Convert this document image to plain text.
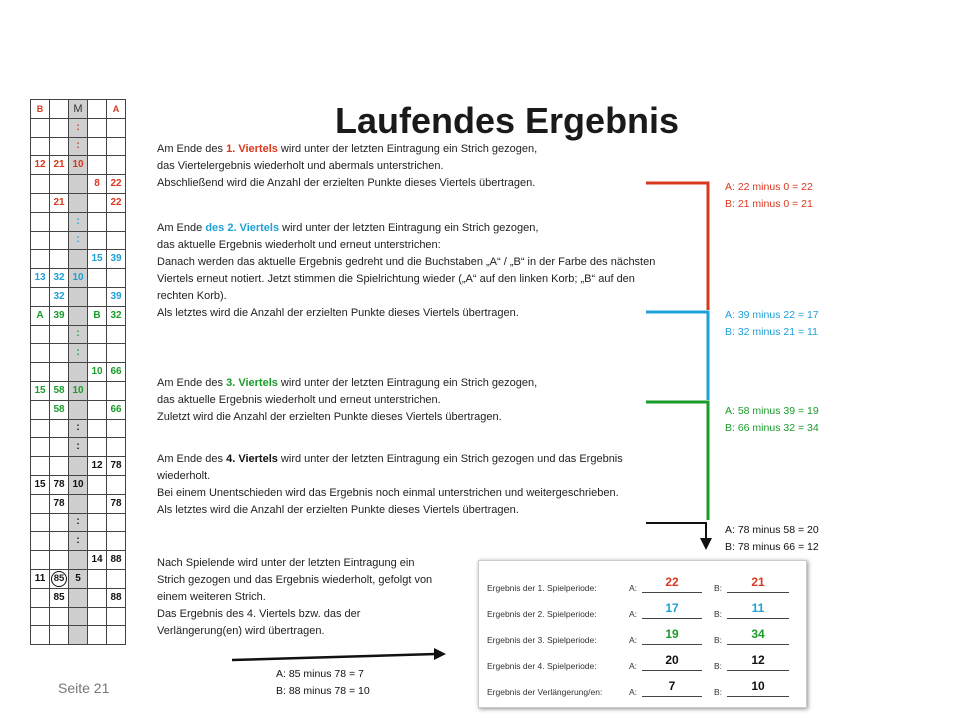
B		M		A
		:		
		:		
12	21	10		
			8	22
	21			22
		:		
		:		
			15	39
13	32	10		
	32			39
A	39		B	32
		:		
		:		
			10	66
15	58	10		
	58			66
		:		
		:		
			12	78
15	78	10		
	78			78
		:		
		:		
			14	88
11	85	5		
	85			88

Laufendes Ergebnis

Am Ende des 1. Viertels wird unter der letzten Eintragung ein Strich gezogen,

das Viertelergebnis wiederholt und abermals unterstrichen.

Abschließend wird die Anzahl der erzielten Punkte dieses Viertels übertragen.

Am Ende des 2. Viertels wird unter der letzten Eintragung ein Strich gezogen,

das aktuelle Ergebnis wiederholt und erneut unterstrichen:

Danach werden das aktuelle Ergebnis gedreht und die Buchstaben „A“ / „B“ in der Farbe des nächsten Viertels erneut notiert. Jetzt stimmen die Spielrichtung wieder („A“ auf den linken Korb; „B“ auf den rechten Korb).

Als letztes wird die Anzahl der erzielten Punkte dieses Viertels übertragen.

Am Ende des 3. Viertels wird unter der letzten Eintragung ein Strich gezogen,

das aktuelle Ergebnis wiederholt und erneut unterstrichen.

Zuletzt wird die Anzahl der erzielten Punkte dieses Viertels übertragen.

Am Ende des 4. Viertels wird unter der letzten Eintragung ein Strich gezogen und das Ergebnis wiederholt.

Bei einem Unentschieden wird das Ergebnis noch einmal unterstrichen und weitergeschrieben.

Als letztes wird die Anzahl der erzielten Punkte dieses Viertels übertragen.

Nach Spielende wird unter der letzten Eintragung ein Strich gezogen und das Ergebnis wiederholt, gefolgt von einem weiteren Strich.

Das Ergebnis des 4. Viertels bzw. das der Verlängerung(en) wird übertragen.

A: 22 minus 0 = 22
B: 21 minus 0 = 21
A: 39 minus 22 = 17
B: 32 minus 21 = 11
A: 58 minus 39 = 19
B: 66 minus 32 = 34
A: 78 minus 58 = 20
B: 78 minus 66 = 12
A: 85 minus 78 = 7
B: 88 minus 78 = 10
Ergebnis der 1. Spielperiode:	A:	B:
22	21
Ergebnis der 2. Spielperiode:	A:	B:
17	11
Ergebnis der 3. Spielperiode:	A:	B:
19	34
Ergebnis der 4. Spielperiode:	A:	B:
20	12
Ergebnis der Verlängerung/en:	A:	B:
7	10
Seite 21
